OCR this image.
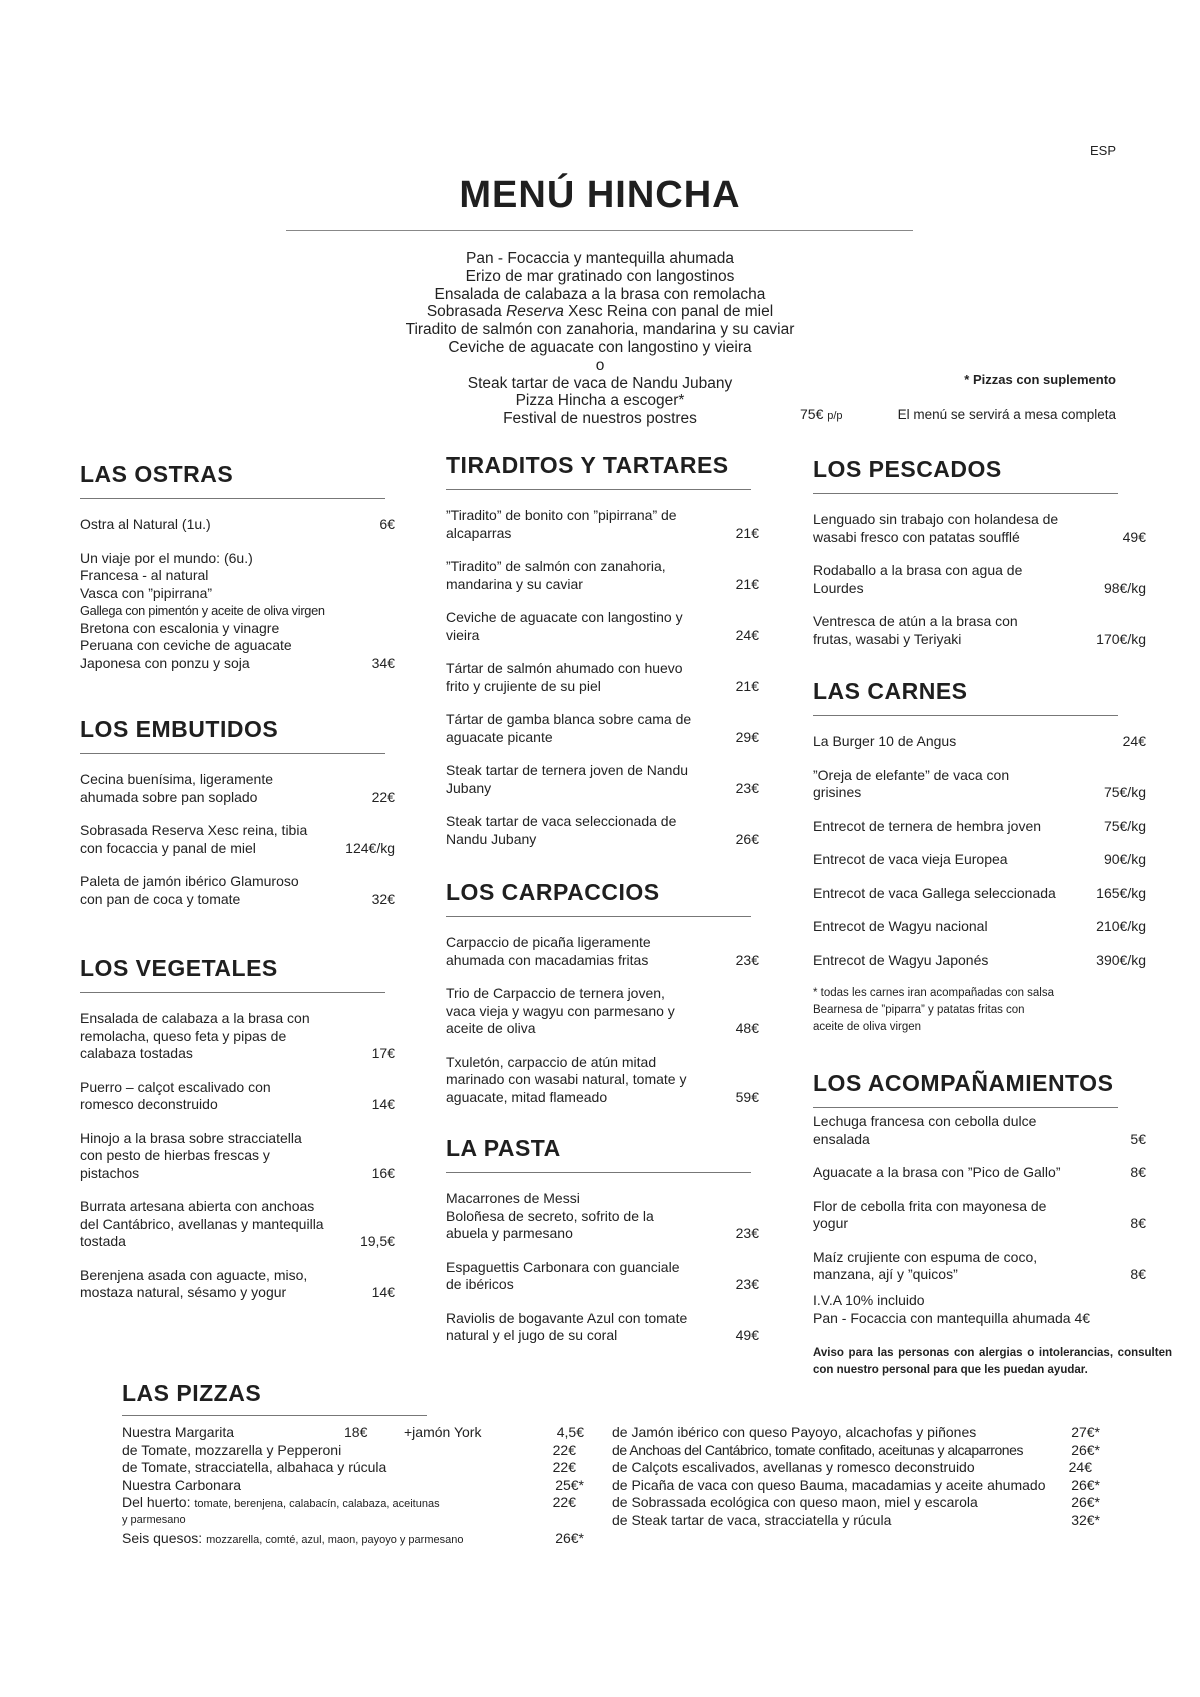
ESP
MENÚ HINCHA
Pan - Focaccia y mantequilla ahumada
Erizo de mar gratinado con langostinos
Ensalada de calabaza a la brasa con remolacha
Sobrasada Reserva Xesc Reina con panal de miel
Tiradito de salmón con zanahoria, mandarina y su caviar
Ceviche de aguacate con langostino y vieira
o
Steak tartar de vaca de Nandu Jubany
Pizza Hincha a escoger*
Festival de nuestros postres
* Pizzas con suplemento
75€ p/p	El menú se servirá a mesa completa
LAS OSTRAS
Ostra al Natural (1u.)	6€
Un viaje por el mundo: (6u.)
Francesa - al natural
Vasca con ”pipirrana”
Gallega con pimentón y aceite de oliva virgen
Bretona con escalonia y vinagre
Peruana con ceviche de aguacate
Japonesa con ponzu y soja	34€
LOS EMBUTIDOS
Cecina buenísima, ligeramente
ahumada sobre pan soplado	22€
Sobrasada Reserva Xesc reina, tibia
con focaccia y panal de miel	124€/kg
Paleta de jamón ibérico Glamuroso
con pan de coca y tomate	32€
LOS VEGETALES
Ensalada de calabaza a la brasa con
remolacha, queso feta y pipas de
calabaza tostadas	17€
Puerro – calçot escalivado con
romesco deconstruido	14€
Hinojo a la brasa sobre stracciatella
con pesto de hierbas frescas y
pistachos	16€
Burrata artesana abierta con anchoas
del Cantábrico, avellanas y mantequilla
tostada	19,5€
Berenjena asada con aguacte, miso,
mostaza natural, sésamo y yogur	14€
TIRADITOS Y TARTARES
”Tiradito” de bonito con ”pipirrana” de
alcaparras	21€
”Tiradito” de salmón con zanahoria,
mandarina y su caviar	21€
Ceviche de aguacate con langostino y
vieira	24€
Tártar de salmón ahumado con huevo
frito y crujiente de su piel	21€
Tártar de gamba blanca sobre cama de
aguacate picante	29€
Steak tartar de ternera joven de Nandu
Jubany	23€
Steak tartar de vaca seleccionada de
Nandu Jubany	26€
LOS CARPACCIOS
Carpaccio de picaña ligeramente
ahumada con macadamias fritas	23€
Trio de Carpaccio de ternera joven,
vaca vieja y wagyu con parmesano y
aceite de oliva	48€
Txuletón, carpaccio de atún mitad
marinado con wasabi natural, tomate y
aguacate, mitad flameado	59€
LA PASTA
Macarrones de Messi
Boloñesa de secreto, sofrito de la
abuela y parmesano	23€
Espaguettis Carbonara con guanciale
de ibéricos	23€
Raviolis de bogavante Azul con tomate
natural y el jugo de su coral	49€
LOS PESCADOS
Lenguado sin trabajo con holandesa de
wasabi fresco con patatas soufflé	49€
Rodaballo a la brasa con agua de
Lourdes	98€/kg
Ventresca de atún a la brasa con
frutas, wasabi y Teriyaki	170€/kg
LAS CARNES
La Burger 10 de Angus	24€
”Oreja de elefante” de vaca con
grisines	75€/kg
Entrecot de ternera de hembra joven	75€/kg
Entrecot de vaca vieja Europea	90€/kg
Entrecot de vaca Gallega seleccionada	165€/kg
Entrecot de Wagyu nacional	210€/kg
Entrecot de Wagyu Japonés	390€/kg
* todas les carnes iran acompañadas con salsa
Bearnesa de ”piparra” y patatas fritas con
aceite de oliva virgen
LOS ACOMPAÑAMIENTOS
Lechuga francesa con cebolla dulce
ensalada	5€
Aguacate a la brasa con ”Pico de Gallo”	8€
Flor de cebolla frita con mayonesa de
yogur	8€
Maíz crujiente con espuma de coco,
manzana, ají y ”quicos”	8€
I.V.A 10% incluido
Pan - Focaccia con mantequilla ahumada 4€
Aviso para las personas con alergias o intolerancias, consulten con nuestro personal para que les puedan ayudar.
LAS PIZZAS
Nuestra Margarita	18€	+jamón York	4,5€
de Tomate, mozzarella y Pepperoni	22€
de Tomate, stracciatella, albahaca y rúcula	22€
Nuestra Carbonara	25€*
Del huerto: tomate, berenjena, calabacín, calabaza, aceitunas	22€
y parmesano
Seis quesos: mozzarella, comté, azul, maon, payoyo y parmesano	26€*
de Jamón ibérico con queso Payoyo, alcachofas y piñones	27€*
de Anchoas del Cantábrico, tomate confitado, aceitunas y alcaparrones	26€*
de Calçots escalivados, avellanas y romesco deconstruido	24€
de Picaña de vaca con queso Bauma, macadamias y aceite ahumado 26€*
de Sobrassada ecológica con queso maon, miel y escarola	26€*
de Steak tartar de vaca, stracciatella y rúcula	32€*
